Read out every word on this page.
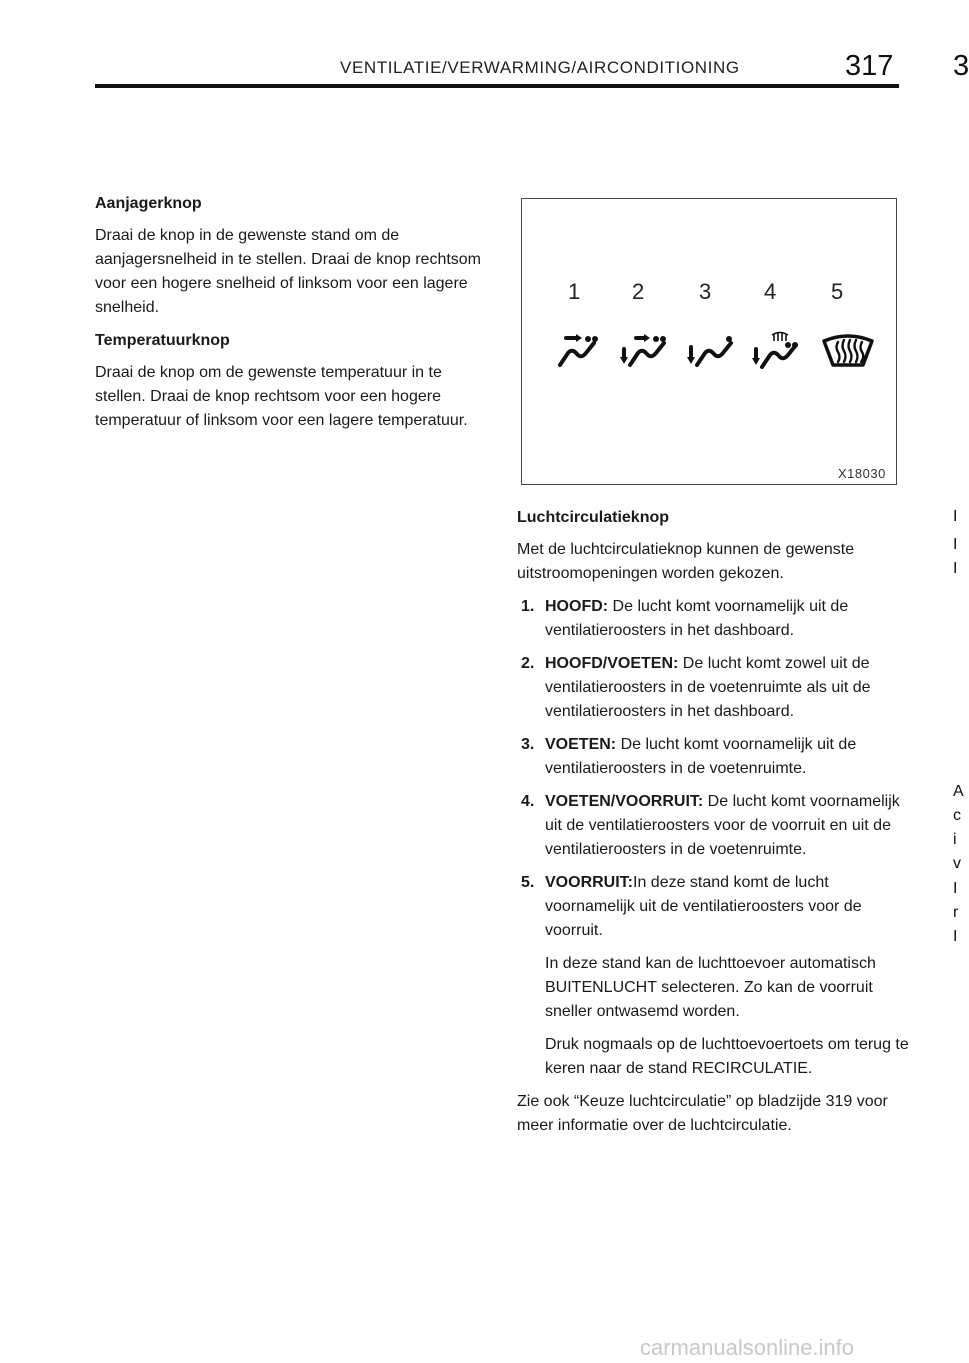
VENTILATIE/VERWARMING/AIRCONDITIONING	317 3
Aanjagerknop

Draai de knop in de gewenste stand om de aanjagersnelheid in te stellen. Draai de knop rechtsom voor een hogere snelheid of linksom voor een lagere snelheid.

Temperatuurknop

Draai de knop om de gewenste temperatuur in te stellen. Draai de knop rechtsom voor een hogere temperatuur of linksom voor een lagere temperatuur.

1 2 3 4 5
X18030
Luchtcirculatieknop

Met de luchtcirculatieknop kunnen de gewenste uitstroomopeningen worden gekozen.

1. HOOFD: De lucht komt voornamelijk uit de ventilatieroosters in het dashboard.
2. HOOFD/VOETEN: De lucht komt zowel uit de ventilatieroosters in de voetenruimte als uit de ventilatieroosters in het dashboard.
3. VOETEN: De lucht komt voornamelijk uit de ventilatieroosters in de voetenruimte.
4. VOETEN/VOORRUIT: De lucht komt voornamelijk uit de ventilatieroosters voor de voorruit en uit de ventilatieroosters in de voetenruimte.
5. VOORRUIT:In deze stand komt de lucht voornamelijk uit de ventilatieroosters voor de voorruit.

In deze stand kan de luchttoevoer automatisch BUITENLUCHT selecteren. Zo kan de voorruit sneller ontwasemd worden.

Druk nogmaals op de luchttoevoertoets om terug te keren naar de stand RECIRCULATIE.

Zie ook “Keuze luchtcirculatie” op bladzijde 319 voor meer informatie over de luchtcirculatie.

I
I
I
A
c
i
v
I
r
I
carmanualsonline.info
